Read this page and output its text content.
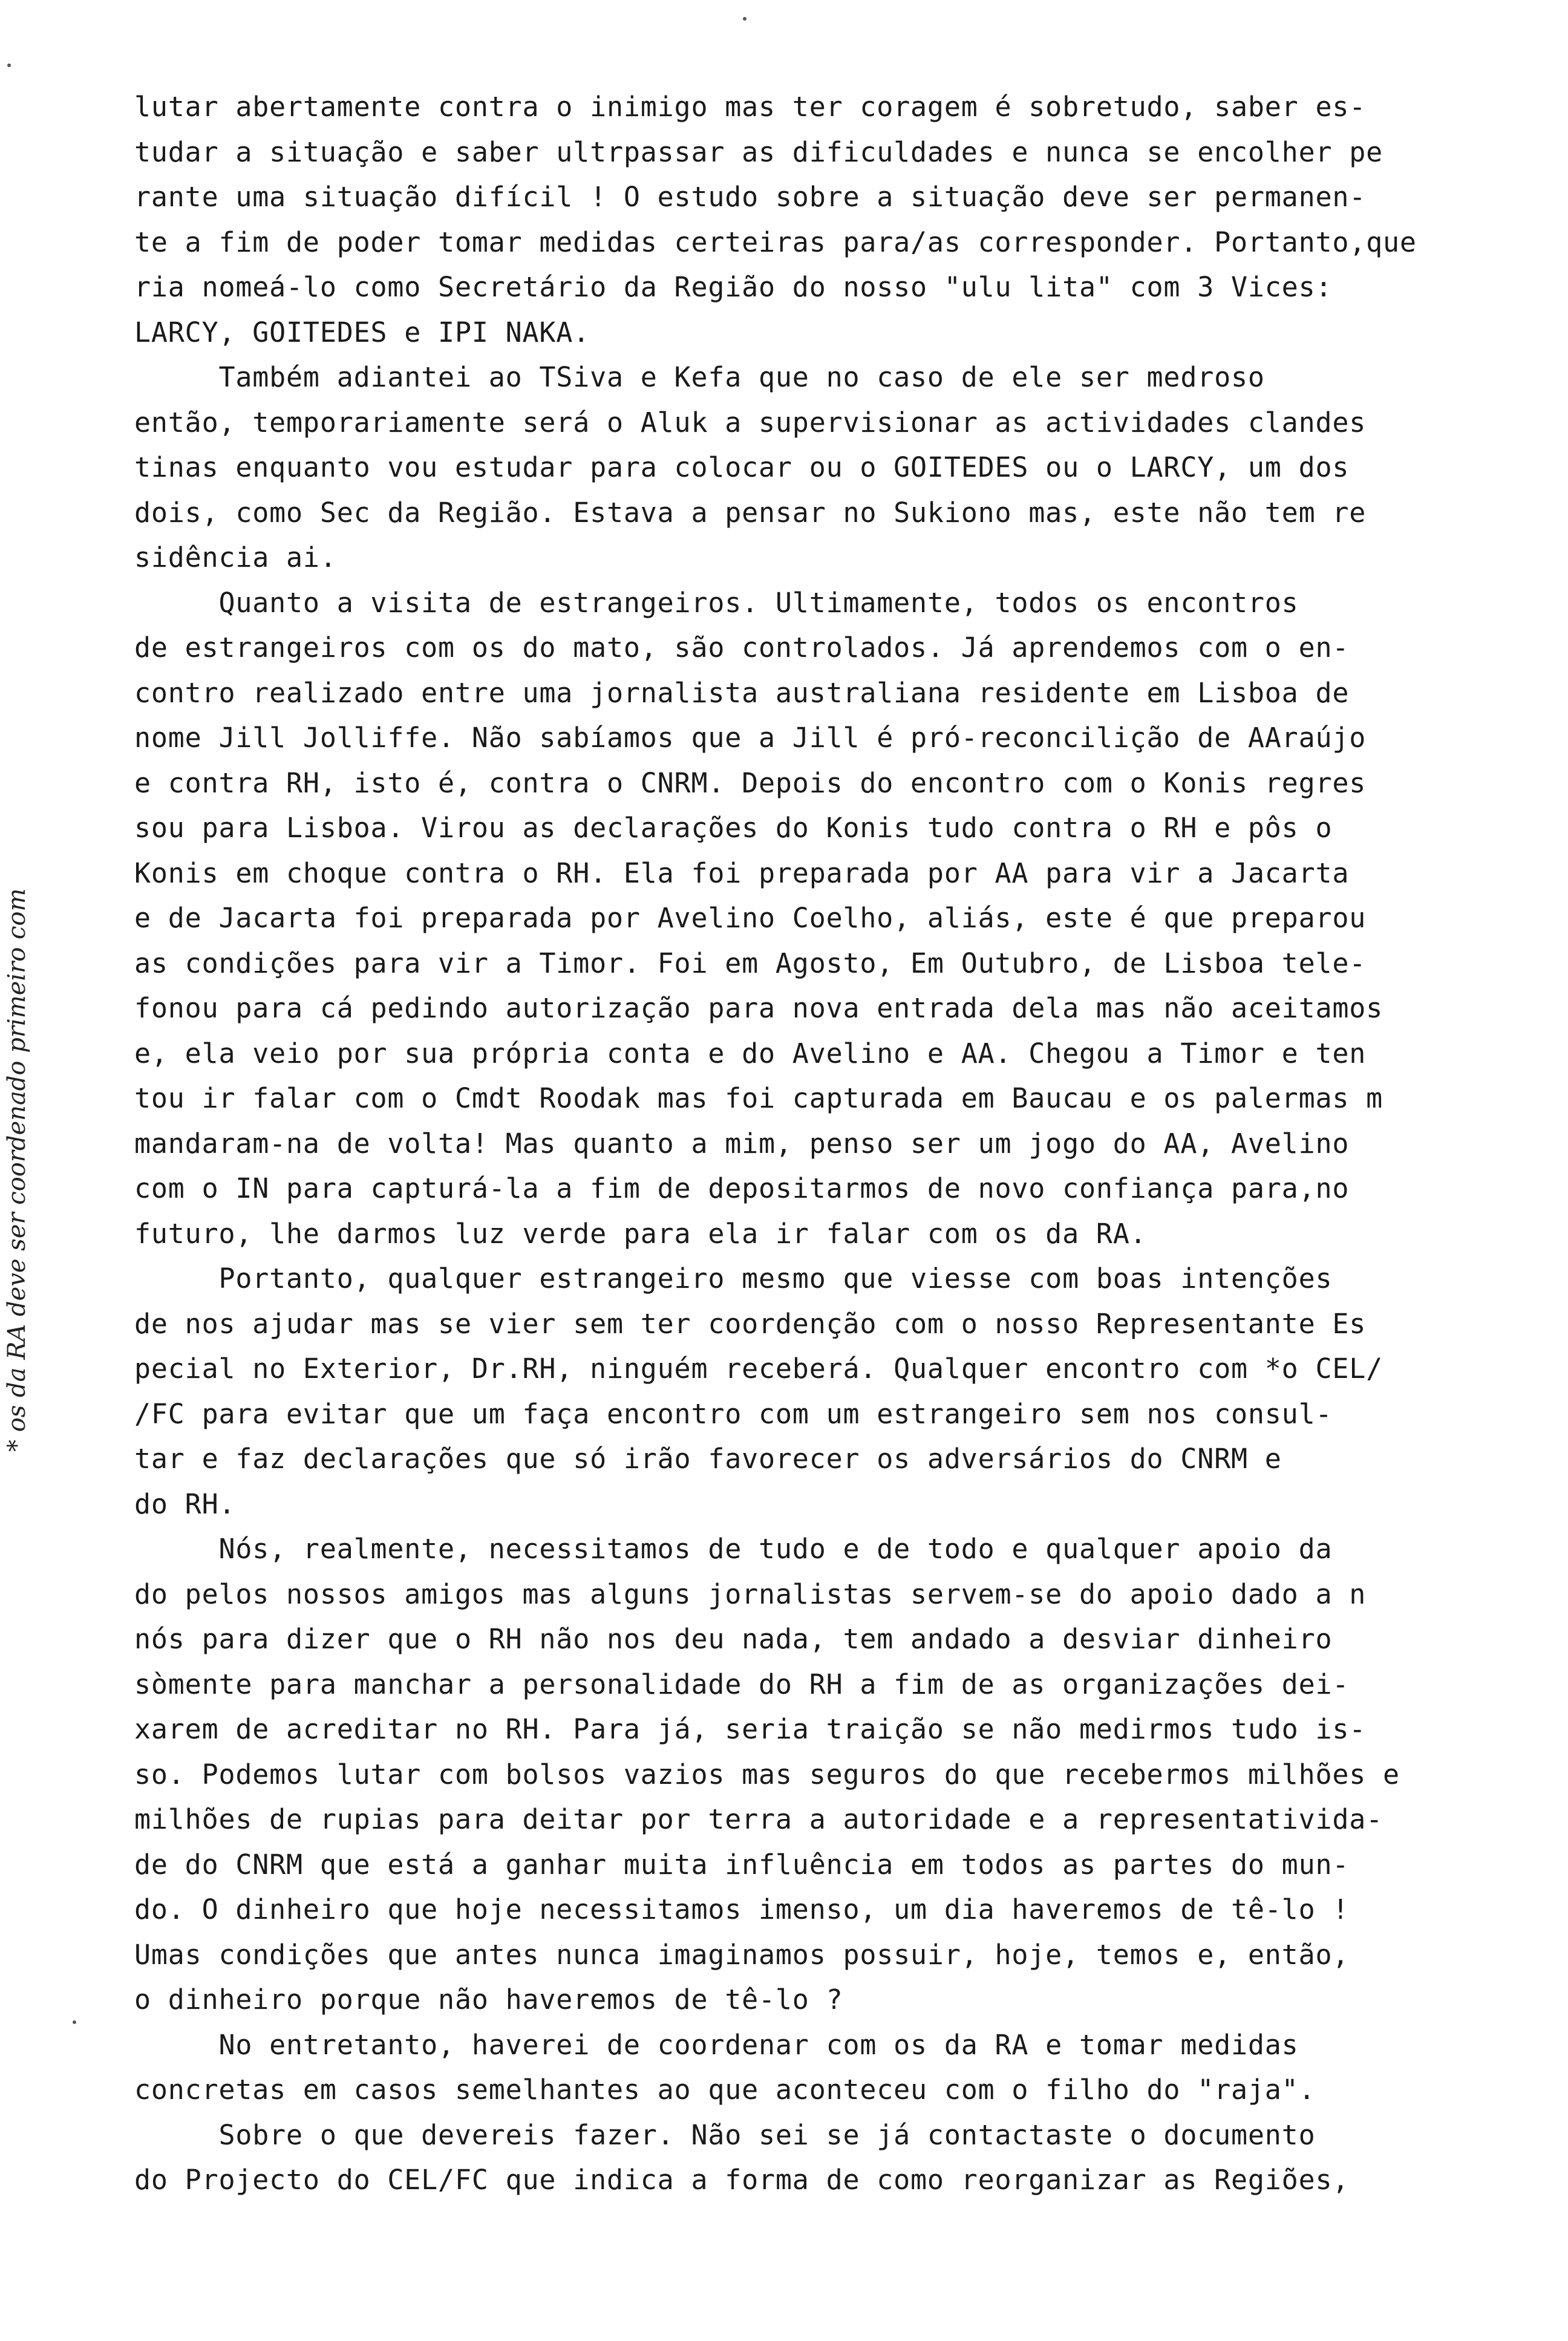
* os da RA deve ser coordenado primeiro com
lutar abertamente contra o inimigo mas ter coragem é sobretudo, saber es-
tudar a situação e saber ultrpassar as dificuldades e nunca se encolher pe
rante uma situação difícil ! O estudo sobre a situação deve ser permanen-
te a fim de poder tomar medidas certeiras para/as corresponder. Portanto,que
ria nomeá-lo como Secretário da Região do nosso "ulu lita" com 3 Vices:
LARCY, GOITEDES e IPI NAKA.
Também adiantei ao TSiva e Kefa que no caso de ele ser medroso
então, temporariamente será o Aluk a supervisionar as actividades clandes
tinas enquanto vou estudar para colocar ou o GOITEDES ou o LARCY, um dos
dois, como Sec da Região. Estava a pensar no Sukiono mas, este não tem re
sidência ai.
Quanto a visita de estrangeiros. Ultimamente, todos os encontros
de estrangeiros com os do mato, são controlados. Já aprendemos com o en-
contro realizado entre uma jornalista australiana residente em Lisboa de
nome Jill Jolliffe. Não sabíamos que a Jill é pró-reconcilição de AAraújo
e contra RH, isto é, contra o CNRM. Depois do encontro com o Konis regres
sou para Lisboa. Virou as declarações do Konis tudo contra o RH e pôs o
Konis em choque contra o RH. Ela foi preparada por AA para vir a Jacarta
e de Jacarta foi preparada por Avelino Coelho, aliás, este é que preparou
as condições para vir a Timor. Foi em Agosto, Em Outubro, de Lisboa tele-
fonou para cá pedindo autorização para nova entrada dela mas não aceitamos
e, ela veio por sua própria conta e do Avelino e AA. Chegou a Timor e ten
tou ir falar com o Cmdt Roodak mas foi capturada em Baucau e os palermas m
mandaram-na de volta! Mas quanto a mim, penso ser um jogo do AA, Avelino
com o IN para capturá-la a fim de depositarmos de novo confiança para,no
futuro, lhe darmos luz verde para ela ir falar com os da RA.
Portanto, qualquer estrangeiro mesmo que viesse com boas intenções
de nos ajudar mas se vier sem ter coordenção com o nosso Representante Es
pecial no Exterior, Dr.RH, ninguém receberá. Qualquer encontro com *o CEL/
/FC para evitar que um faça encontro com um estrangeiro sem nos consul-
tar e faz declarações que só irão favorecer os adversários do CNRM e
do RH.
Nós, realmente, necessitamos de tudo e de todo e qualquer apoio da
do pelos nossos amigos mas alguns jornalistas servem-se do apoio dado a n
nós para dizer que o RH não nos deu nada, tem andado a desviar dinheiro
sòmente para manchar a personalidade do RH a fim de as organizações dei-
xarem de acreditar no RH. Para já, seria traição se não medirmos tudo is-
so. Podemos lutar com bolsos vazios mas seguros do que recebermos milhões e
milhões de rupias para deitar por terra a autoridade e a representativida-
de do CNRM que está a ganhar muita influência em todos as partes do mun-
do. O dinheiro que hoje necessitamos imenso, um dia haveremos de tê-lo !
Umas condições que antes nunca imaginamos possuir, hoje, temos e, então,
o dinheiro porque não haveremos de tê-lo ?
No entretanto, haverei de coordenar com os da RA e tomar medidas
concretas em casos semelhantes ao que aconteceu com o filho do "raja".
Sobre o que devereis fazer. Não sei se já contactaste o documento
do Projecto do CEL/FC que indica a forma de como reorganizar as Regiões,
